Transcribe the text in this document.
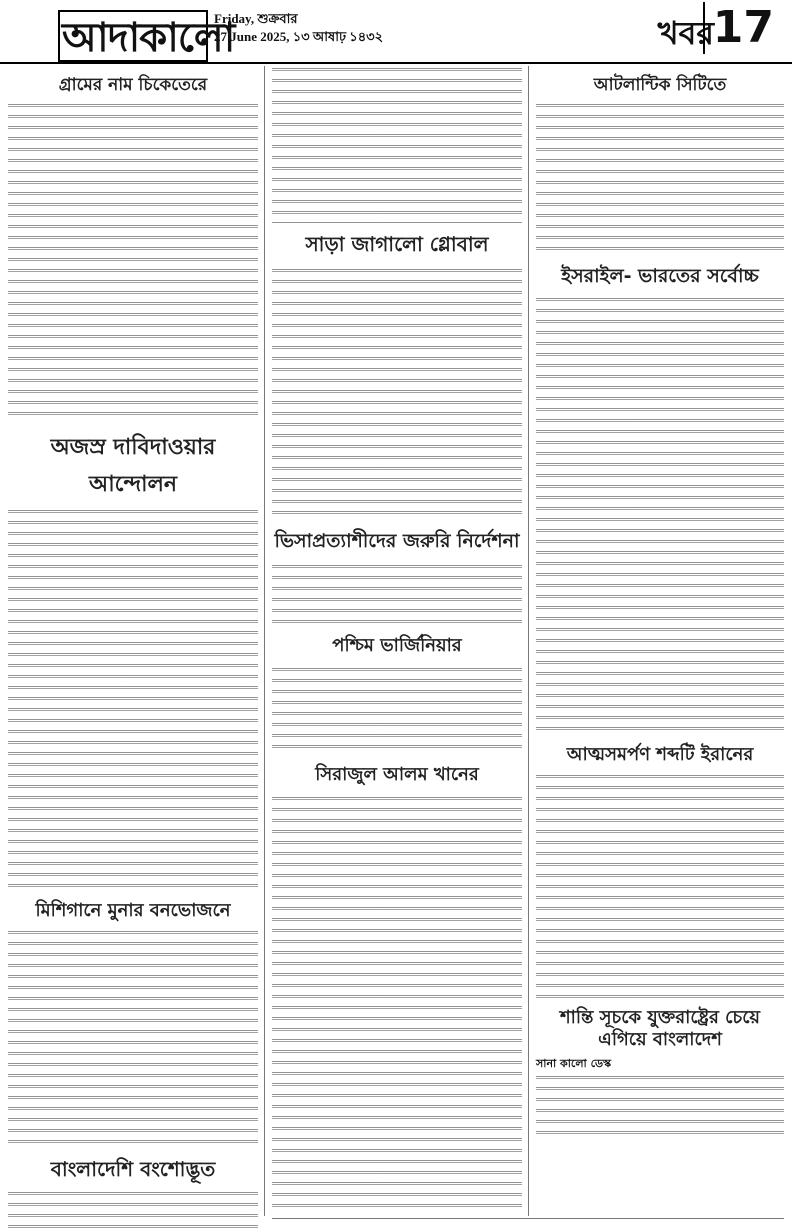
আদাকালো
Friday, শুক্রবার
27 June 2025, ১৩ আষাঢ় ১৪৩২	খবর
17
গ্রামের নাম চিকেতেরে
অজস্র দাবিদাওয়ার আন্দোলন
মিশিগানে মুনার বনভোজনে
বাংলাদেশি বংশোদ্ভূত
সাড়া জাগালো গ্লোবাল
ভিসাপ্রত্যাশীদের জরুরি নির্দেশনা
পশ্চিম ভার্জিনিয়ার
সিরাজুল আলম খানের
আটলান্টিক সিটিতে
ইসরাইল- ভারতের সর্বোচ্চ
আত্মসমর্পণ শব্দটি ইরানের
শান্তি সূচকে যুক্তরাষ্ট্রের চেয়ে এগিয়ে বাংলাদেশ
সানা কালো ডেস্ক
